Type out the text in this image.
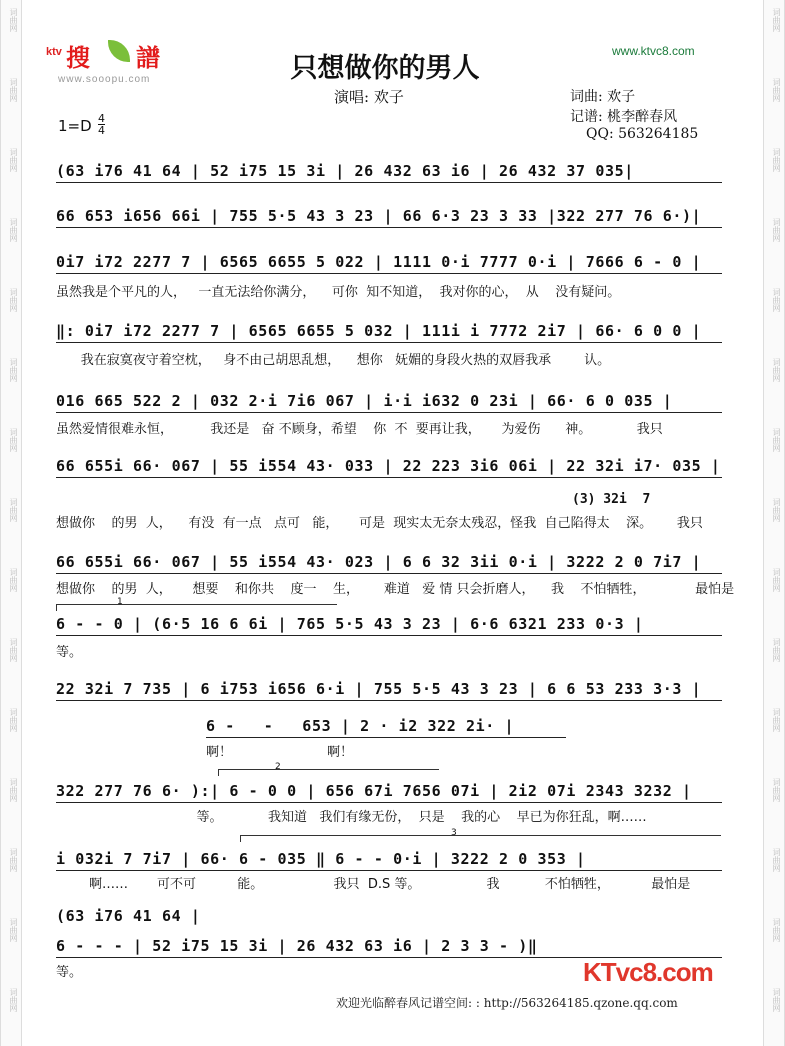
词曲网
词曲网
词曲网
词曲网
词曲网
词曲网
词曲网
词曲网
词曲网
词曲网
词曲网
词曲网
词曲网
词曲网
词曲网
词曲网
词曲网
词曲网
词曲网
词曲网
词曲网
词曲网
词曲网
词曲网
词曲网
词曲网
词曲网
词曲网
词曲网
词曲网
ktv 搜 譜
www.sooopu.com
www.ktvc8.com
只想做你的男人
演唱: 欢子	词曲: 欢子
记谱: 桃李醉春风
QQ: 563264185
1=D 4
4
(63 i76 41 64 | 52 i75 15 3i | 26 432 63 i6 | 26 432 37 035|
66 653 i656 66i | 755 5·5 43 3 23 | 66 6·3 23 3 33 |322 277 76 6·)|
0i7 i72 2277 7 | 6565 6655 5 022 | 1111 0·i 7777 0·i | 7666 6 - 0 |
‖: 0i7 i72 2277 7 | 6565 6655 5 032 | 111i i 7772 2i7 | 66· 6 0 0 |
016 665 522 2 | 032 2·i 7i6 067 | i·i i632 0 23i | 66· 6 0 035 |
66 655i 66· 067 | 55 i554 43· 033 | 22 223 3i6 06i | 22 32i i7· 035 |
66 655i 66· 067 | 55 i554 43· 023 | 6 6 32 3ii 0·i | 3222 2 0 7i7 |
6 - - 0 | (6·5 16 6 6i | 765 5·5 43 3 23 | 6·6 6321 233 0·3 |
22 32i 7 735 | 6 i753 i656 6·i | 755 5·5 43 3 23 | 6 6 53 233 3·3 |
6 -   -   653 | 2 · i2 322 2i· |
322 277 76 6· ):| 6 - 0 0 | 656 67i 7656 07i | 2i2 07i 2343 3232 |
i 032i 7 7i7 | 66· 6 - 035 ‖ 6 - - 0·i | 3222 2 0 353 |
(63 i76 41 64 |
6 - - - | 52 i75 15 3i | 26 432 63 i6 | 2 3 3 - )‖
虽然我是个平凡的人，   一直无法给你满分，    可你  知不知道，  我对你的心，  从    没有疑问。
我在寂寞夜守着空枕，   身不由己胡思乱想，    想你   妩媚的身段火热的双唇我承        认。
虽然爱情很难永恒，         我还是   奋 不顾身，希望    你  不  要再让我，     为爱伤      神。           我只
想做你    的男  人，    有没  有一点   点可   能，     可是  现实太无奈太残忍，怪我  自己陷得太    深。      我只
想做你    的男  人，     想要    和你共    度一    生，      难道   爱 情 只会折磨人，    我    不怕牺牲，            最怕是
等。
啊！                       啊！
等。           我知道   我们有缘无份，  只是    我的心    早已为你狂乱，啊……
啊……       可不可          能。                 我只  D.S 等。                我           不怕牺牲，          最怕是
等。
1
2
3
(3) 32i  7
KTvc8.com
欢迎光临醉春风记谱空间: : http://563264185.qzone.qq.com
